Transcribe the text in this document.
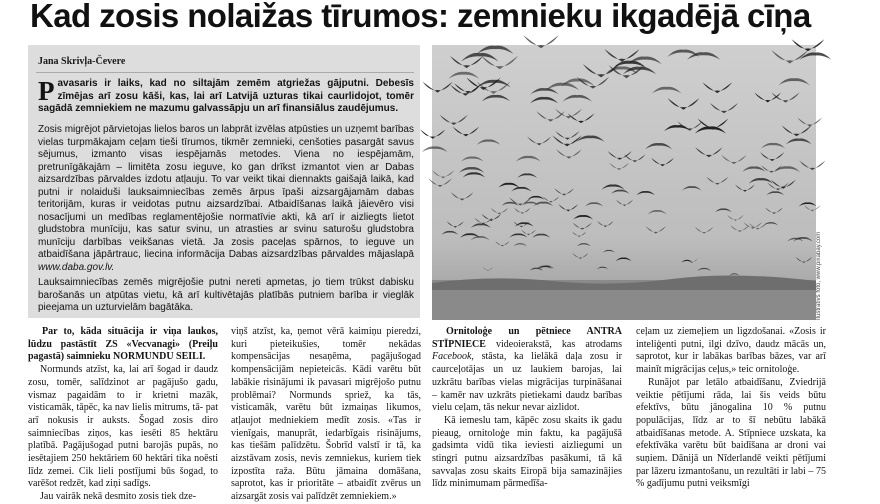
Kad zosis nolaižas tīrumos: zemnieku ikgadējā cīņa
Jana Skrivļa-Čevere

Pavasaris ir laiks, kad no siltajām zemēm atgriežas gājputni. Debesīs zīmējas arī zosu kāši, kas, lai arī Latvijā uzturas tikai caurlidojot, tomēr sagādā zemniekiem ne mazumu galvassāpju un arī finansiālus zaudējumus.

Zosis migrējot pārvietojas lielos baros un labprāt izvēlas atpūsties un uzņemt barības vielas turpmākajam ceļam tieši tīrumos, tikmēr zemnieki, cenšoties pasargāt savus sējumus, izmanto visas iespējamās metodes. Viena no iespējamām, pretrunīgākajām – limitēta zosu ieguve, ko gan drīkst izmantot vien ar Dabas aizsardzības pārvaldes izdotu atļauju. To var veikt tikai diennakts gaišajā laikā, kad putni ir nolaiduši lauksaimniecības zemēs ārpus īpaši aizsargājamām dabas teritorijām, kuras ir veidotas putnu aizsardzībai. Atbaidīšanas laikā jāievēro visi nosacījumi un medības reglamentējošie normatīvie akti, kā arī ir aizliegts lietot gludstobra munīciju, kas satur svinu, un atrasties ar svinu saturošu gludstobra munīciju darbības veikšanas vietā. Ja zosis paceļas spārnos, to ieguve un atbaidīšana jāpārtrauc, liecina informācija Dabas aizsardzības pārvaldes mājaslapā www.daba.gov.lv.

Lauksaimniecības zemēs migrējošie putni nereti apmetas, jo tiem trūkst dabisku barošanās un atpūtas vietu, kā arī kultivētajās platībās putniem barība ir vieglāk pieejama un uzturvielām bagātāka.	Ilustratīvs foto, www.pixabay.com

Par to, kāda situācija ir viņa laukos, lūdzu pastāstīt ZS «Vecvanagi» (Preiļu pagastā) saimnieku NORMUNDU SEILI.

Normunds atzīst, ka, lai arī šogad ir daudz zosu, tomēr, salīdzinot ar pagājušo gadu, vismaz pagaidām to ir krietni mazāk, visticamāk, tāpēc, ka nav lielis mitrums, tā- pat arī nokusis ir auksts. Šogad zosis diro saimniecības ziņos, kas iesēti 85 hektāru platībā. Pagājušogad putni barojās pupās, no iesētajiem 250 hektāriem 60 hektāri tika noēsti līdz zemei. Cik lieli postījumi būs šogad, to varēšot redzēt, kad ziņi sadīgs.

Jau vairāk nekā desmito zosis tiek dze-

viņš atzīst, ka, ņemot vērā kaimiņu pieredzi, kuri pieteikušies, tomēr nekādas kompensācijas nesaņēma, pagājušogad kompensācijām nepieteicās. Kādi varētu būt labākie risinājumi ik pavasari migrējošo putnu problēmai? Normunds spriež, ka tās, visticamāk, varētu būt izmaiņas likumos, atļaujot medniekiem medīt zosis. «Tas ir vienīgais, manuprāt, iedarbīgais risinājums, kas tiešām palīdzētu. Šobrīd valstī ir tā, ka aizstāvam zosis, nevis zemniekus, kuriem tiek izpostīta raža. Būtu jāmaina domāšana, saprotot, kas ir prioritāte – atbaidīt zvērus un aizsargāt zosis vai palīdzēt zemniekiem.»

Ornitoloģe un pētniece ANTRA STĪPNIECE videoierakstā, kas atrodams Facebook, stāsta, ka lielākā daļa zosu ir caurceļotājas un uz laukiem barojas, lai uzkrātu barības vielas migrācijas turpināšanai – kamēr nav uzkrāts pietiekami daudz barības vielu ceļam, tās nekur nevar aizlidot.

Kā iemeslu tam, kāpēc zosu skaits ik gadu pieaug, ornitoloģe min faktu, ka pagājušā gadsimta vidū tika ieviesti aizliegumi un stingri putnu aizsardzības pasākumi, tā kā savvaļas zosu skaits Eiropā bija samazinājies līdz minimumam pārmedīša-

ceļam uz ziemeļiem un ligzdošanai. «Zosis ir inteliģenti putni, ilgi dzīvo, daudz mācās un, saprotot, kur ir labākas barības bāzes, var arī mainīt migrācijas ceļus,» teic ornitoloģe.

Runājot par letālo atbaidīšanu, Zviedrijā veiktie pētījumi rāda, lai šis veids būtu efektīvs, būtu jānogalina 10 % putnu populācijas, līdz ar to šī nebūtu labākā atbaidīšanas metode. A. Stīpniece uzskata, ka efektīvāka varētu būt baidīšana ar droni vai suņiem. Dānijā un Nīderlandē veikti pētījumi par lāzeru izmantošanu, un rezultāti ir labi – 75 % gadījumu putni veiksmīgi
